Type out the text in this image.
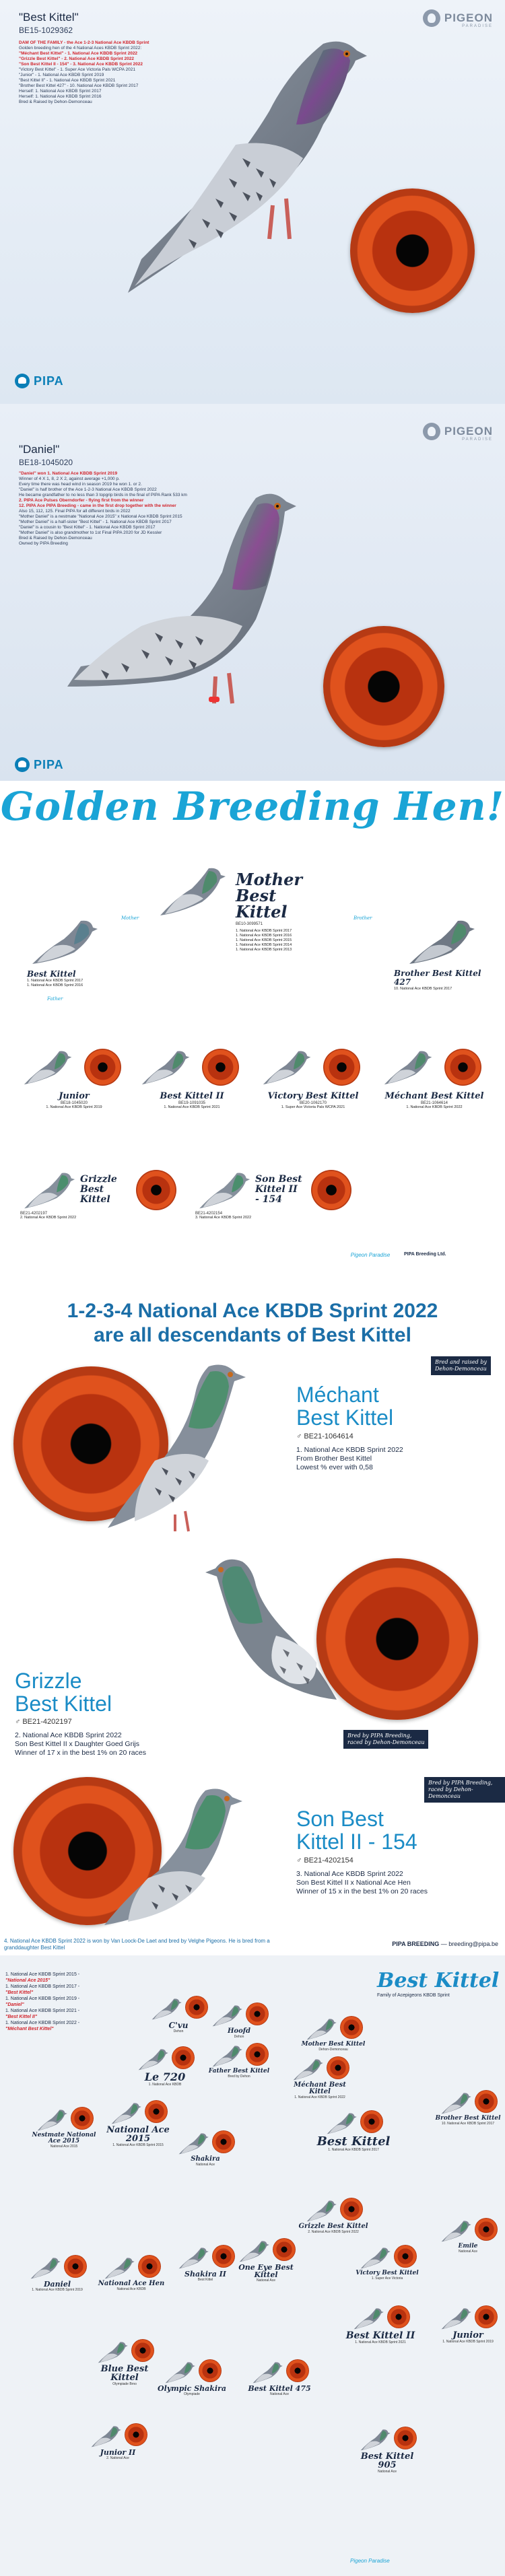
"Best Kittel"
BE15-1029362
PIGEON
PARADISE
DAM OF THE FAMILY - the Ace 1-2-3 National Ace KBDB Sprint
Golden breeding hen of the 4 National Aces KBDB Sprint 2022:
"Méchant Best Kittel" - 1. National Ace KBDB Sprint 2022
"Grizzle Best Kittel" - 2. National Ace KBDB Sprint 2022
"Son Best Kittel II - 154" - 3. National Ace KBDB Sprint 2022
"Victory Best Kittel" - 1. Super Ace Victoria Pals WCPA 2021
"Junior" - 1. National Ace KBDB Sprint 2019
"Best Kittel II" - 1. National Ace KBDB Sprint 2021
"Brother Best Kittel 427" - 10. National Ace KBDB Sprint 2017
Herself: 1. National Ace KBDB Sprint 2017
Herself: 1. National Ace KBDB Sprint 2016
Bred & Raised by Dehon-Demonceau
PIPA
"Daniel"
BE18-1045020
PIGEON
PARADISE
"Daniel" won 1. National Ace KBDB Sprint 2019
Winner of 4 X 1, 8, 2 X 2, against average +1,000 p.
Every time there was head wind in season 2019 he won 1. or 2.
"Daniel" is half brother of the Ace 1-2-3 National Ace KBDB Sprint 2022
He became grandfather to no less than 3 topgrip birds in the final of PIPA Rank 533 km
2. PIPA Ace Pulses Oberndorfer - flying first from the winner
12. PIPA Ace PIPA Breeding - came in the first drop together with the winner
Also 15, 112, 125. Final PIPA for all different birds in 2022
"Mother Daniel" is a nestmate "National Ace 2015" x National Ace KBDB Sprint 2015
"Mother Daniel" is a half-sister "Best Kittel" - 1. National Ace KBDB Sprint 2017
"Daniel" is a cousin to "Best Kittel" - 1. National Ace KBDB Sprint 2017
"Mother Daniel" is also grandmother to 1st Final PIPA 2020 for JD Kessler
Bred & Raised by Dehon-Demonceau
Owned by PIPA Breeding
PIPA
Golden Breeding Hen!
Mother Best Kittel
BE10-3099571
1. National Ace KBDB Sprint 2017
1. National Ace KBDB Sprint 2016
1. National Ace KBDB Sprint 2015
1. National Ace KBDB Sprint 2014
1. National Ace KBDB Sprint 2013
Best Kittel
1. National Ace KBDB Sprint 2017
1. National Ace KBDB Sprint 2016
Brother Best Kittel 427
10. National Ace KBDB Sprint 2017
Mother	Brother
Father
Junior
BE18-1045020
1. National Ace KBDB Sprint 2019
Best Kittel II
BE19-1091035
1. National Ace KBDB Sprint 2021
Victory Best Kittel
BE20-1062170
1. Super Ace Victoria Pals WCPA 2021
Méchant Best Kittel
BE21-1064614
1. National Ace KBDB Sprint 2022
Grizzle Best Kittel
BE21-4202197
2. National Ace KBDB Sprint 2022
Son Best Kittel II - 154
BE21-4202154
3. National Ace KBDB Sprint 2022
PIPA Breeding Ltd.
Pigeon Paradise
1-2-3-4 National Ace KBDB Sprint 2022
are all descendants of Best Kittel
Méchant
Best Kittel
♂ BE21-1064614
1. National Ace KBDB Sprint 2022
From Brother Best Kittel
Lowest % ever with 0,58
Bred and raised by
Dehon-Demonceau
Grizzle
Best Kittel
♂ BE21-4202197
2. National Ace KBDB Sprint 2022
Son Best Kittel II x Daughter Goed Grijs
Winner of 17 x in the best 1% on 20 races
Bred by PIPA Breeding,
raced by Dehon-Demonceau
Son Best
Kittel II - 154
♂ BE21-4202154
3. National Ace KBDB Sprint 2022
Son Best Kittel II x National Ace Hen
Winner of 15 x in the best 1% on 20 races
Bred by PIPA Breeding,
raced by Dehon-Demonceau
4. National Ace KBDB Sprint 2022 is won by Van Loock-De Laet and bred by Velghe Pigeons. He is bred from a granddaughter Best Kittel
PIPA BREEDING — breeding@pipa.be
Best Kittel
Family of Acepigeons KBDB Sprint
1. National Ace KBDB Sprint 2015 -
"National Ace 2015"
1. National Ace KBDB Sprint 2017 -
"Best Kittel"
1. National Ace KBDB Sprint 2019 -
"Daniel"
1. National Ace KBDB Sprint 2021 -
"Best Kittel II"
1. National Ace KBDB Sprint 2022 -
"Méchant Best Kittel"
Le 720
1. National Ace KBDB
Nestmate National Ace 2015
National Ace 2015
National Ace 2015
1. National Ace KBDB Sprint 2015
Daniel
1. National Ace KBDB Sprint 2019
National Ace Hen
National Ace KBDB
Blue Best Kittel
Olympiade Brno
Junior II
2. National Ace
Shakira
National Ace
Shakira II
Best Kittel
Olympic Shakira
Olympiade
One Eye Best Kittel
National Ace
Best Kittel 475
National Ace
Méchant Best Kittel
1. National Ace KBDB Sprint 2022
Grizzle Best Kittel
2. National Ace KBDB Sprint 2022
Father Best Kittel
Bred by Dehon
Mother Best Kittel
Dehon-Demonceau
Best Kittel
1. National Ace KBDB Sprint 2017
Brother Best Kittel
10. National Ace KBDB Sprint 2017
Victory Best Kittel
1. Super Ace Victoria
Emile
National Ace
Best Kittel II
1. National Ace KBDB Sprint 2021
Junior
1. National Ace KBDB Sprint 2019
Best Kittel 905
National Ace
C'vu
Dehon	Hoofd
Dehon
Pigeon Paradise
